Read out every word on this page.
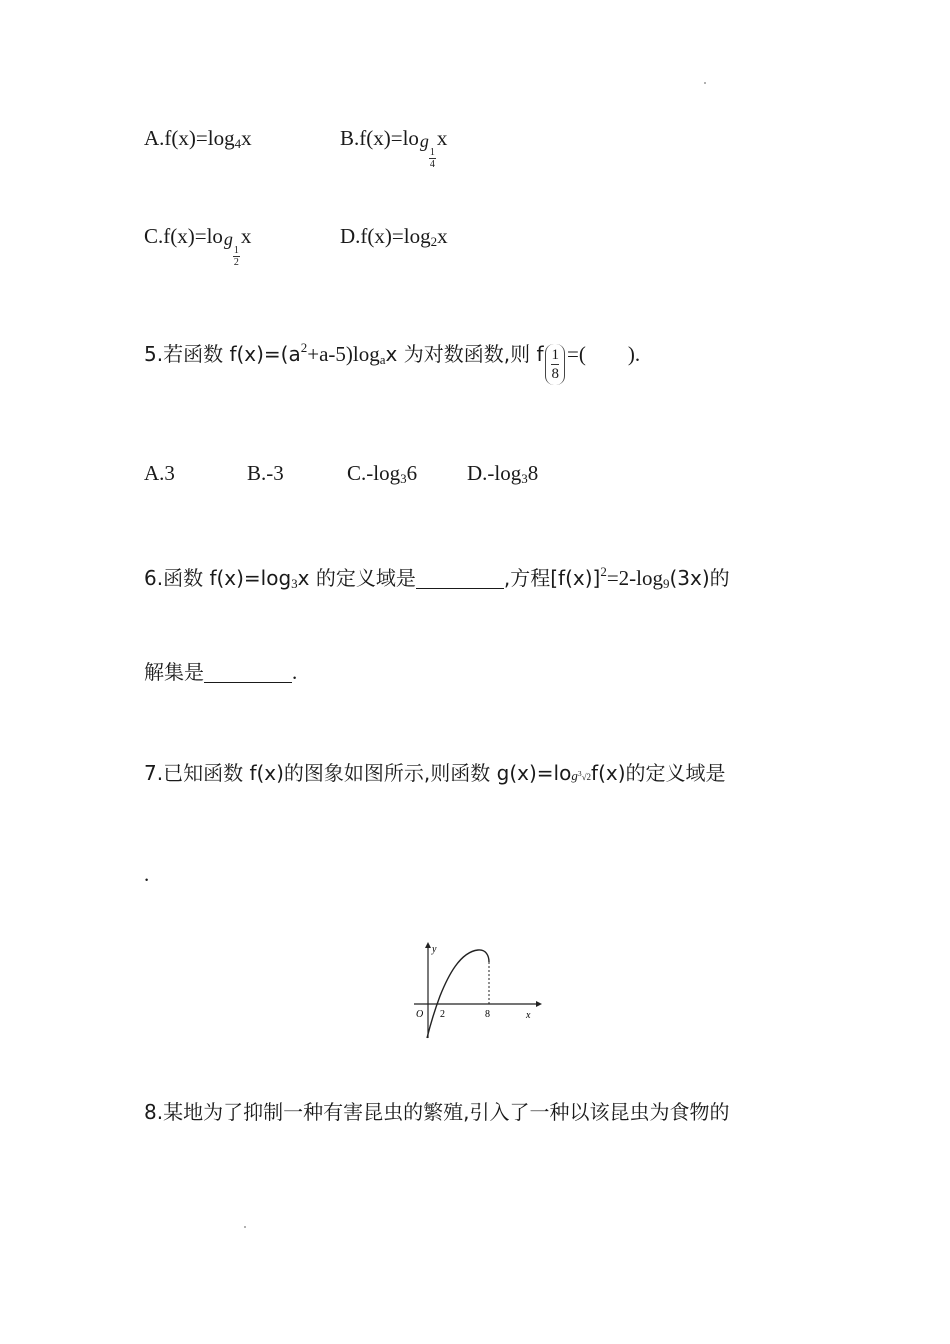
$A.f(x)=\log_4x$	B.f(x)=lo g
$\frac{1}{4}$
x
C.f(x)=lo g
$\frac{1}{2}$
x	$D.f(x)=\log_2x$
5.若函数 $f(x)=(a^2+a-5)\log_ax$ 为对数函数,则 f $\frac{1}{8}$ =(        ).
A.3	B.-3	$C.-\log_36$ $D.-\log_38$
6.函数 $f(x)=\log_3x$ 的定义域是	,方程$[f(x)]^2=2-\log_9(3x)$的
解集是	.
7.已知函数 f(x)的图象如图所示,则函数 $g(x)=\log^3√2f(x)$的定义域是
.
y
x
O 2	8
8.某地为了抑制一种有害昆虫的繁殖,引入了一种以该昆虫为食物的
